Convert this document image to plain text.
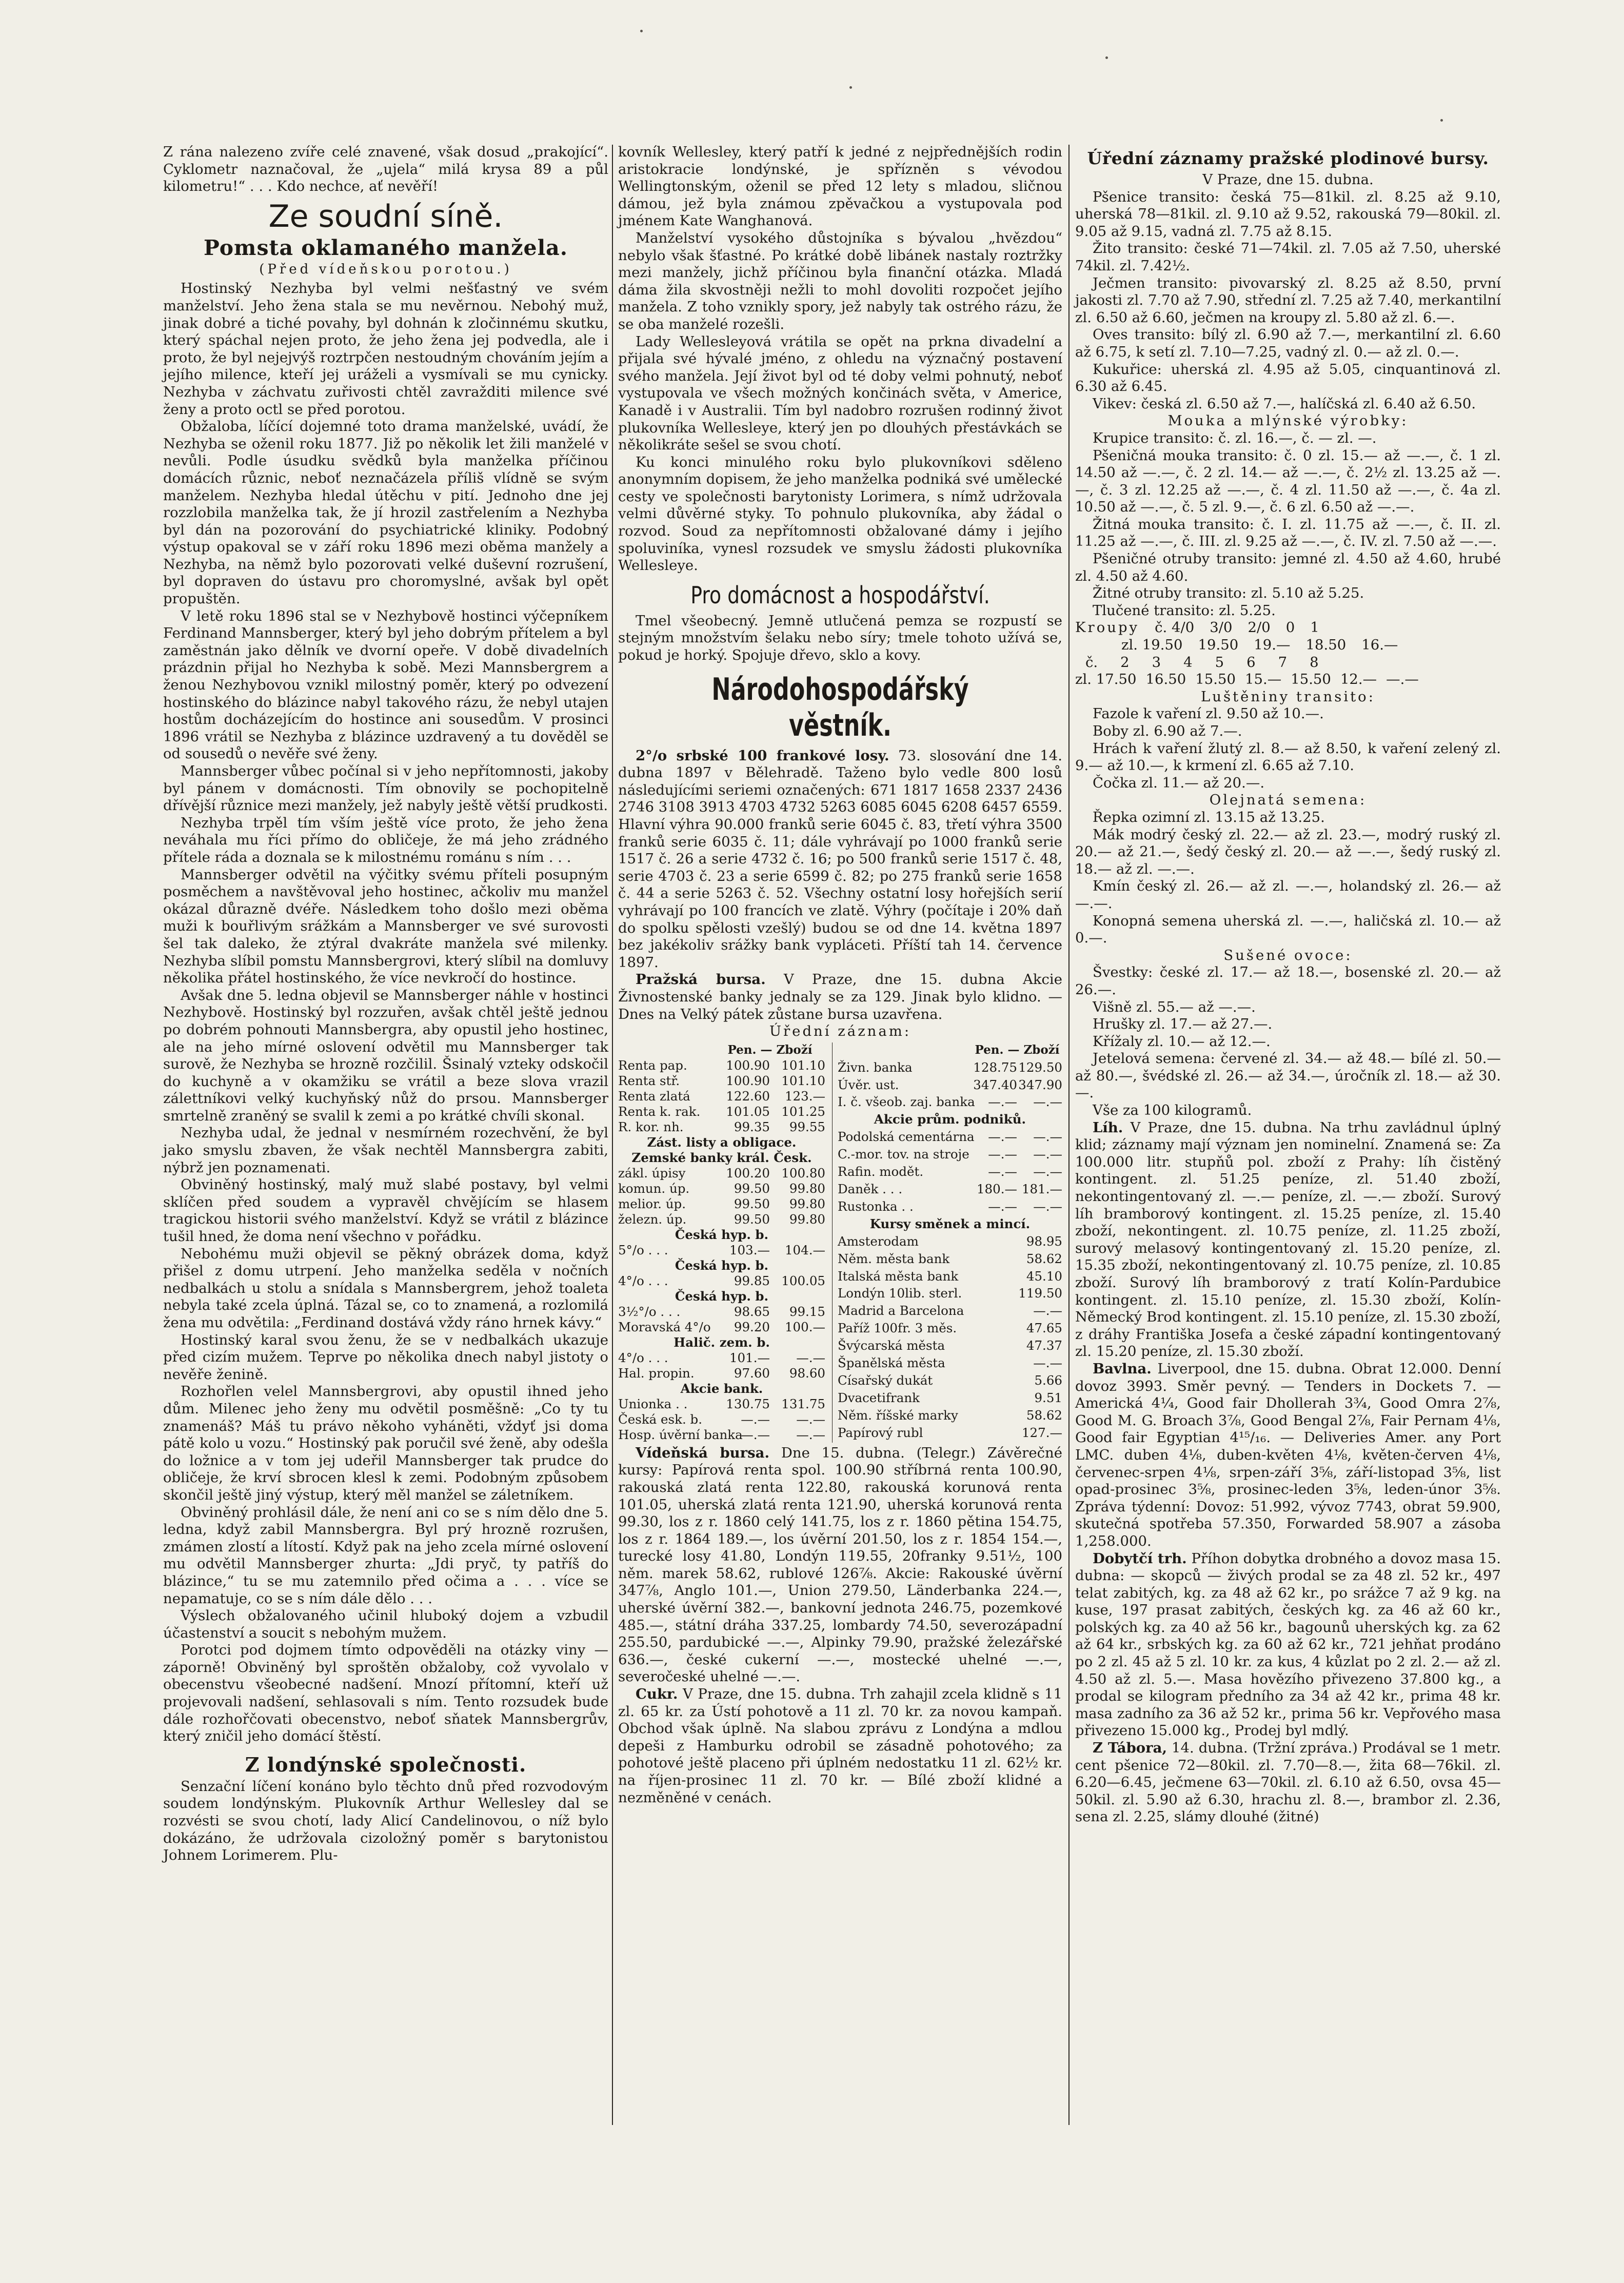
Z rána nalezeno zvíře celé znavené, však dosud „prakojící“. Cyklometr naznačoval, že „ujela“ milá krysa 89 a půl kilometru!“ . . . Kdo nechce, ať nevěří!

Ze soudní síně.
Pomsta oklamaného manžela.
(Před vídeňskou porotou.)

Hostinský Nezhyba byl velmi nešťastný ve svém manželství. Jeho žena stala se mu nevěrnou. Nebohý muž, jinak dobré a tiché povahy, byl dohnán k zločinnému skutku, který spáchal nejen proto, že jeho žena jej podvedla, ale i proto, že byl nejejvýš roztrpčen nestoudným chováním jejím a jejího milence, kteří jej uráželi a vysmívali se mu cynicky. Nezhyba v záchvatu zuřivosti chtěl zavražditi milence své ženy a proto octl se před porotou.

Obžaloba, líčící dojemné toto drama manželské, uvádí, že Nezhyba se oženil roku 1877. Již po několik let žili manželé v nevůli. Podle úsudku svědků byla manželka příčinou domácích různic, neboť neznačázela příliš vlídně se svým manželem. Nezhyba hledal útěchu v pití. Jednoho dne jej rozzlobila manželka tak, že jí hrozil zastřelením a Nezhyba byl dán na pozorování do psychiatrické kliniky. Podobný výstup opakoval se v září roku 1896 mezi oběma manžely a Nezhyba, na němž bylo pozorovati velké duševní rozrušení, byl dopraven do ústavu pro choromyslné, avšak byl opět propuštěn.

V letě roku 1896 stal se v Nezhybově hostinci výčepníkem Ferdinand Mannsberger, který byl jeho dobrým přítelem a byl zaměstnán jako dělník ve dvorní opeře. V době divadelních prázdnin přijal ho Nezhyba k sobě. Mezi Mannsbergrem a ženou Nezhybovou vznikl milostný poměr, který po odvezení hostinského do blázince nabyl takového rázu, že nebyl utajen hostům docházejícím do hostince ani sousedům. V prosinci 1896 vrátil se Nezhyba z blázince uzdravený a tu dověděl se od sousedů o nevěře své ženy.

Mannsberger vůbec počínal si v jeho nepřítomnosti, jakoby byl pánem v domácnosti. Tím obnovily se pochopitelně dřívější různice mezi manžely, jež nabyly ještě větší prudkosti.

Nezhyba trpěl tím vším ještě více proto, že jeho žena neváhala mu říci přímo do obličeje, že má jeho zrádného přítele ráda a doznala se k milostnému románu s ním . . .

Mannsberger odvětil na výčitky svému příteli posupným posměchem a navštěvoval jeho hostinec, ačkoliv mu manžel okázal důrazně dvéře. Následkem toho došlo mezi oběma muži k bouřlivým srážkám a Mannsberger ve své surovosti šel tak daleko, že ztýral dvakráte manžela své milenky. Nezhyba slíbil pomstu Mannsbergrovi, který slíbil na domluvy několika přátel hostinského, že více nevkročí do hostince.

Avšak dne 5. ledna objevil se Mannsberger náhle v hostinci Nezhybově. Hostinský byl rozzuřen, avšak chtěl ještě jednou po dobrém pohnouti Mannsbergra, aby opustil jeho hostinec, ale na jeho mírné oslovení odvětil mu Mannsberger tak surově, že Nezhyba se hrozně rozčilil. Šsinalý vzteky odskočil do kuchyně a v okamžiku se vrátil a beze slova vrazil zálettníkovi velký kuchyňský nůž do prsou. Mannsberger smrtelně zraněný se svalil k zemi a po krátké chvíli skonal.

Nezhyba udal, že jednal v nesmírném rozechvění, že byl jako smyslu zbaven, že však nechtěl Mannsbergra zabiti, nýbrž jen poznamenati.

Obviněný hostinský, malý muž slabé postavy, byl velmi sklíčen před soudem a vypravěl chvějícím se hlasem tragickou historii svého manželství. Když se vrátil z blázince tušil hned, že doma není všechno v pořádku.

Nebohému muži objevil se pěkný obrázek doma, když přišel z domu utrpení. Jeho manželka seděla v nočních nedbalkách u stolu a snídala s Mannsbergrem, jehož toaleta nebyla také zcela úplná. Tázal se, co to znamená, a rozlomilá žena mu odvětila: „Ferdinand dostává vždy ráno hrnek kávy.“

Hostinský karal svou ženu, že se v nedbalkách ukazuje před cizím mužem. Teprve po několika dnech nabyl jistoty o nevěře ženině.

Rozhořlen velel Mannsbergrovi, aby opustil ihned jeho dům. Milenec jeho ženy mu odvětil posměšně: „Co ty tu znamenáš? Máš tu právo někoho vyháněti, vždyť jsi doma pátě kolo u vozu.“ Hostinský pak poručil své ženě, aby odešla do ložnice a v tom jej udeřil Mannsberger tak prudce do obličeje, že krví sbrocen klesl k zemi. Podobným způsobem skončil ještě jiný výstup, který měl manžel se záletníkem.

Obviněný prohlásil dále, že není ani co se s ním dělo dne 5. ledna, když zabil Mannsbergra. Byl prý hrozně rozrušen, zmámen zlostí a lítostí. Když pak na jeho zcela mírné oslovení mu odvětil Mannsberger zhurta: „Jdi pryč, ty patříš do blázince,“ tu se mu zatemnilo před očima a . . . více se nepamatuje, co se s ním dále dělo . . .

Výslech obžalovaného učinil hluboký dojem a vzbudil účastenství a soucit s nebohým mužem.

Porotci pod dojmem tímto odpověděli na otázky viny — záporně! Obviněný byl sproštěn obžaloby, což vyvolalo v obecenstvu všeobecné nadšení. Mnozí přítomní, kteří už projevovali nadšení, sehlasovali s ním. Tento rozsudek bude dále rozhořčovati obecenstvo, neboť sňatek Mannsbergrův, který zničil jeho domácí štěstí.

Z londýnské společnosti.

Senzační líčení konáno bylo těchto dnů před rozvodovým soudem londýnským. Plukovník Arthur Wellesley dal se rozvésti se svou chotí, lady Alicí Candelinovou, o níž bylo dokázáno, že udržovala cizoložný poměr s barytonistou Johnem Lorimerem. Plu-

kovník Wellesley, který patří k jedné z nejpřednějších rodin aristokracie londýnské, je spřízněn s vévodou Wellingtonským, oženil se před 12 lety s mladou, sličnou dámou, jež byla známou zpěvačkou a vystupovala pod jménem Kate Wanghanová.

Manželství vysokého důstojníka s bývalou „hvězdou“ nebylo však šťastné. Po krátké době libánek nastaly roztržky mezi manžely, jichž příčinou byla finanční otázka. Mladá dáma žila skvostněji nežli to mohl dovoliti rozpočet jejího manžela. Z toho vznikly spory, jež nabyly tak ostrého rázu, že se oba manželé rozešli.

Lady Wellesleyová vrátila se opět na prkna divadelní a přijala své hývalé jméno, z ohledu na význačný postavení svého manžela. Její život byl od té doby velmi pohnutý, neboť vystupovala ve všech možných končinách světa, v Americe, Kanadě i v Australii. Tím byl nadobro rozrušen rodinný život plukovníka Wellesleye, který jen po dlouhých přestávkách se několikráte sešel se svou chotí.

Ku konci minulého roku bylo plukovníkovi sděleno anonymním dopisem, že jeho manželka podniká své umělecké cesty ve společnosti barytonisty Lorimera, s nímž udržovala velmi důvěrné styky. To pohnulo plukovníka, aby žádal o rozvod. Soud za nepřítomnosti obžalované dámy i jejího spoluviníka, vynesl rozsudek ve smyslu žádosti plukovníka Wellesleye.

Pro domácnost a hospodářství.

Tmel všeobecný. Jemně utlučená pemza se rozpustí se stejným množstvím šelaku nebo síry; tmele tohoto užívá se, pokud je horký. Spojuje dřevo, sklo a kovy.

Národohospodářský věstník.

2°/o srbské 100 frankové losy. 73. slosování dne 14. dubna 1897 v Bělehradě. Taženo bylo vedle 800 losů následujícími seriemi označených: 671 1817 1658 2337 2436 2746 3108 3913 4703 4732 5263 6085 6045 6208 6457 6559. Hlavní výhra 90.000 franků serie 6045 č. 83, třetí výhra 3500 franků serie 6035 č. 11; dále vyhrávají po 1000 franků serie 1517 č. 26 a serie 4732 č. 16; po 500 franků serie 1517 č. 48, serie 4703 č. 23 a serie 6599 č. 82; po 275 franků serie 1658 č. 44 a serie 5263 č. 52. Všechny ostatní losy hořejších serií vyhrávají po 100 francích ve zlatě. Výhry (počítaje i 20% daň do spolku spělosti vzešlý) budou se od dne 14. května 1897 bez jakékoliv srážky bank vypláceti. Příští tah 14. července 1897.

Pražská bursa. V Praze, dne 15. dubna Akcie Živnostenské banky jednaly se za 129. Jinak bylo klidno. — Dnes na Velký pátek zůstane bursa uzavřena.

Úřední záznam:
Pen. — Zboží
Renta pap.	100.90 101.10
Renta stř.	100.90 101.10
Renta zlatá	122.60	123.—
Renta k. rak.	101.05 101.25
R. kor. nh.	99.35	99.55
Zást. listy a obligace.
Zemské banky král. Česk.
zákl. úpisy	100.20 100.80
komun. úp.	99.50	99.80
melior. úp.	99.50	99.80
železn. úp.	99.50	99.80
Česká hyp. b.
5°/o . . .	103.—	104.—
Česká hyp. b.
4°/o . . .	99.85 100.05
Česká hyp. b.
3½°/o . . .	98.65	99.15
Moravská 4°/o	99.20	100.—
Halič. zem. b.
4°/o . . .	101.—	—.—
Hal. propin.	97.60	98.60
Akcie bank.
Unionka . .	130.75 131.75
Česká esk. b.	—.—	—.—
Hosp. úvěrní banka
—.—	—.—
Pen. — Zboží
Živn. banka	128.75 129.50
Úvěr. ust.	347.40 347.90
I. č. všeob. zaj. banka	—.—	—.—
Akcie prům. podniků.
Podolská cementárna	—.—	—.—
C.-mor. tov. na stroje	—.—	—.—
Rafin. modět.	—.—	—.—
Daněk . . .	180.— 181.—
Rustonka . .	—.—	—.—
Kursy směnek a mincí.
Amsterodam	98.95
Něm. města bank	58.62
Italská města bank	45.10
Londýn 10lib. sterl.	119.50
Madrid a Barcelona	—.—
Paříž 100fr. 3 měs.	47.65
Švýcarská města	47.37
Španělská města	—.—
Císařský dukát	5.66
Dvacetifrank	9.51
Něm. říšské marky	58.62
Papírový rubl	127.—

Vídeňská bursa. Dne 15. dubna. (Telegr.) Závěrečné kursy: Papírová renta spol. 100.90 stříbrná renta 100.90, rakouská zlatá renta 122.80, rakouská korunová renta 101.05, uherská zlatá renta 121.90, uherská korunová renta 99.30, los z r. 1860 celý 141.75, los z r. 1860 pětina 154.75, los z r. 1864 189.—, los úvěrní 201.50, los z r. 1854 154.—, turecké losy 41.80, Londýn 119.55, 20franky 9.51½, 100 něm. marek 58.62, rublové 126⅞. Akcie: Rakouské úvěrní 347⅞, Anglo 101.—, Union 279.50, Länderbanka 224.—, uherské úvěrní 382.—, bankovní jednota 246.75, pozemkové 485.—, státní dráha 337.25, lombardy 74.50, severozápadní 255.50, pardubické —.—, Alpinky 79.90, pražské železářské 636.—, české cukerní —.—, mostecké uhelné —.—, severočeské uhelné —.—.

Cukr. V Praze, dne 15. dubna. Trh zahajil zcela klidně s 11 zl. 65 kr. za Ústí pohotově a 11 zl. 70 kr. za novou kampaň. Obchod však úplně. Na slabou zprávu z Londýna a mdlou depeši z Hamburku odrobil se zásadně pohotového; za pohotové ještě placeno při úplném nedostatku 11 zl. 62½ kr. na říjen-prosinec 11 zl. 70 kr. — Bílé zboží klidné a nezměněné v cenách.

Úřední záznamy pražské plodinové bursy.
V Praze, dne 15. dubna.

Pšenice transito: česká 75—81kil. zl. 8.25 až 9.10, uherská 78—81kil. zl. 9.10 až 9.52, rakouská 79—80kil. zl. 9.05 až 9.15, vadná zl. 7.75 až 8.15.

Žito transito: české 71—74kil. zl. 7.05 až 7.50, uherské 74kil. zl. 7.42½.

Ječmen transito: pivovarský zl. 8.25 až 8.50, první jakosti zl. 7.70 až 7.90, střední zl. 7.25 až 7.40, merkantilní zl. 6.50 až 6.60, ječmen na kroupy zl. 5.80 až zl. 6.—.

Oves transito: bílý zl. 6.90 až 7.—, merkantilní zl. 6.60 až 6.75, k setí zl. 7.10—7.25, vadný zl. 0.— až zl. 0.—.

Kukuřice: uherská zl. 4.95 až 5.05, cinquantinová zl. 6.30 až 6.45.

Vikev: česká zl. 6.50 až 7.—, halíčská zl. 6.40 až 6.50.

Mouka a mlýnské výrobky:

Krupice transito: č. zl. 16.—, č. — zl. —.

Pšeničná mouka transito: č. 0 zl. 15.— až —.—, č. 1 zl. 14.50 až —.—, č. 2 zl. 14.— až —.—, č. 2½ zl. 13.25 až —.—, č. 3 zl. 12.25 až —.—, č. 4 zl. 11.50 až —.—, č. 4a zl. 10.50 až —.—, č. 5 zl. 9.—, č. 6 zl. 6.50 až —.—.

Žitná mouka transito: č. I. zl. 11.75 až —.—, č. II. zl. 11.25 až —.—, č. III. zl. 9.25 až —.—, č. IV. zl. 7.50 až —.—.

Pšeničné otruby transito: jemné zl. 4.50 až 4.60, hrubé zl. 4.50 až 4.60.

Žitné otruby transito: zl. 5.10 až 5.25.

Tlučené transito: zl. 5.25.

Kroupy č. 4/0 3/0 2/0 0 1
zl. 19.50 19.50 19.— 18.50 16.—
č. 2 3 4 5 6 7 8
zl. 17.50 16.50 15.50 15.— 15.50 12.— —.—
Luštěniny transito:

Fazole k vaření zl. 9.50 až 10.—.

Boby zl. 6.90 až 7.—.

Hrách k vaření žlutý zl. 8.— až 8.50, k vaření zelený zl. 9.— až 10.—, k krmení zl. 6.65 až 7.10.

Čočka zl. 11.— až 20.—.

Olejnatá semena:

Řepka ozimní zl. 13.15 až 13.25.

Mák modrý český zl. 22.— až zl. 23.—, modrý ruský zl. 20.— až 21.—, šedý český zl. 20.— až —.—, šedý ruský zl. 18.— až zl. —.—.

Kmín český zl. 26.— až zl. —.—, holandský zl. 26.— až —.—.

Konopná semena uherská zl. —.—, haličská zl. 10.— až 0.—.

Sušené ovoce:

Švestky: české zl. 17.— až 18.—, bosenské zl. 20.— až 26.—.

Višně zl. 55.— až —.—.

Hrušky zl. 17.— až 27.—.

Křížaly zl. 10.— až 12.—.

Jetelová semena: červené zl. 34.— až 48.— bílé zl. 50.— až 80.—, švédské zl. 26.— až 34.—, úročník zl. 18.— až 30.—.

Vše za 100 kilogramů.

Líh. V Praze, dne 15. dubna. Na trhu zavládnul úplný klid; záznamy mají význam jen nominelní. Znamená se: Za 100.000 litr. stupňů pol. zboží z Prahy: líh čistěný kontingent. zl. 51.25 peníze, zl. 51.40 zboží, nekontingentovaný zl. —.— peníze, zl. —.— zboží. Surový líh bramborový kontingent. zl. 15.25 peníze, zl. 15.40 zboží, nekontingent. zl. 10.75 peníze, zl. 11.25 zboží, surový melasový kontingentovaný zl. 15.20 peníze, zl. 15.35 zboží, nekontingentovaný zl. 10.75 peníze, zl. 10.85 zboží. Surový líh bramborový z tratí Kolín-Pardubice kontingent. zl. 15.10 peníze, zl. 15.30 zboží, Kolín-Německý Brod kontingent. zl. 15.10 peníze, zl. 15.30 zboží, z dráhy Františka Josefa a české západní kontingentovaný zl. 15.20 peníze, zl. 15.30 zboží.

Bavlna. Liverpool, dne 15. dubna. Obrat 12.000. Denní dovoz 3993. Směr pevný. — Tenders in Dockets 7. — Americká 4¼, Good fair Dhollerah 3¾, Good Omra 2⅞, Good M. G. Broach 3⅞, Good Bengal 2⅞, Fair Pernam 4⅛, Good fair Egyptian 4¹⁵/₁₆. — Deliveries Amer. any Port LMC. duben 4⅛, duben-květen 4⅛, květen-červen 4⅛, červenec-srpen 4⅛, srpen-září 3⅝, září-listopad 3⅝, list opad-prosinec 3⅝, prosinec-leden 3⅝, leden-únor 3⅝. Zpráva týdenní: Dovoz: 51.992, vývoz 7743, obrat 59.900, skutečná spotřeba 57.350, Forwarded 58.907 a zásoba 1,258.000.

Dobytčí trh. Příhon dobytka drobného a dovoz masa 15. dubna: — skopců — živých prodal se za 48 zl. 52 kr., 497 telat zabitých, kg. za 48 až 62 kr., po srážce 7 až 9 kg. na kuse, 197 prasat zabitých, českých kg. za 46 až 60 kr., polských kg. za 40 až 56 kr., bagounů uherských kg. za 62 až 64 kr., srbských kg. za 60 až 62 kr., 721 jehňat prodáno po 2 zl. 45 až 5 zl. 10 kr. za kus, 4 kůzlat po 2 zl. 2.— až zl. 4.50 až zl. 5.—. Masa hovězího přivezeno 37.800 kg., a prodal se kilogram předního za 34 až 42 kr., prima 48 kr. masa zadního za 36 až 52 kr., prima 56 kr. Vepřového masa přivezeno 15.000 kg., Prodej byl mdlý.

Z Tábora, 14. dubna. (Tržní zpráva.) Prodával se 1 metr. cent pšenice 72—80kil. zl. 7.70—8.—, žita 68—76kil. zl. 6.20—6.45, ječmene 63—70kil. zl. 6.10 až 6.50, ovsa 45—50kil. zl. 5.90 až 6.30, hrachu zl. 8.—, brambor zl. 2.36, sena zl. 2.25, slámy dlouhé (žitné)
